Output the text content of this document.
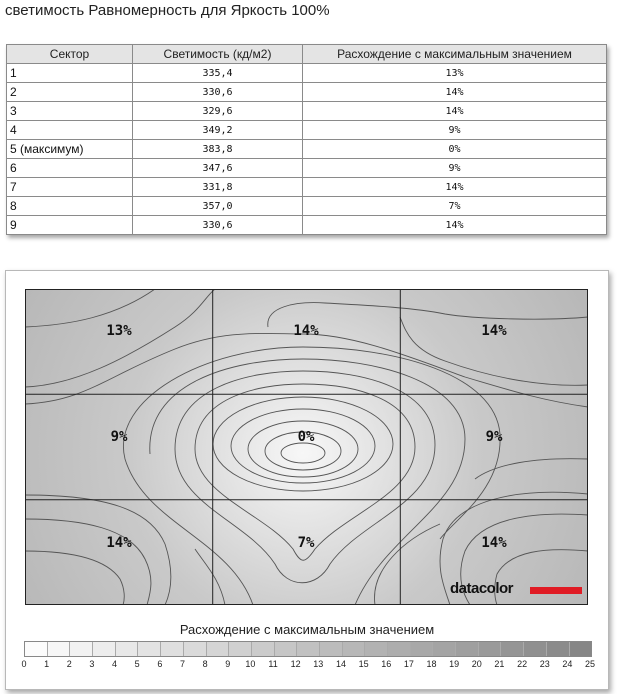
светимость Равномерность для Яркость 100%
Сектор	Светимость (кд/м2)	Расхождение с максимальным значением
1	335,4	13%
2	330,6	14%
3	329,6	14%
4	349,2	9%
5 (максимум)	383,8	0%
6	347,6	9%
7	331,8	14%
8	357,0	7%
9	330,6	14%
13%	14%	14%
9%	0%	9%
14%	7%	14%
datacolor
Расхождение с максимальным значением
0 1 2 3 4 5 6 7 8 9 10 11 12 13 14 15 16 17 18 19 20 21 22 23 24 25
